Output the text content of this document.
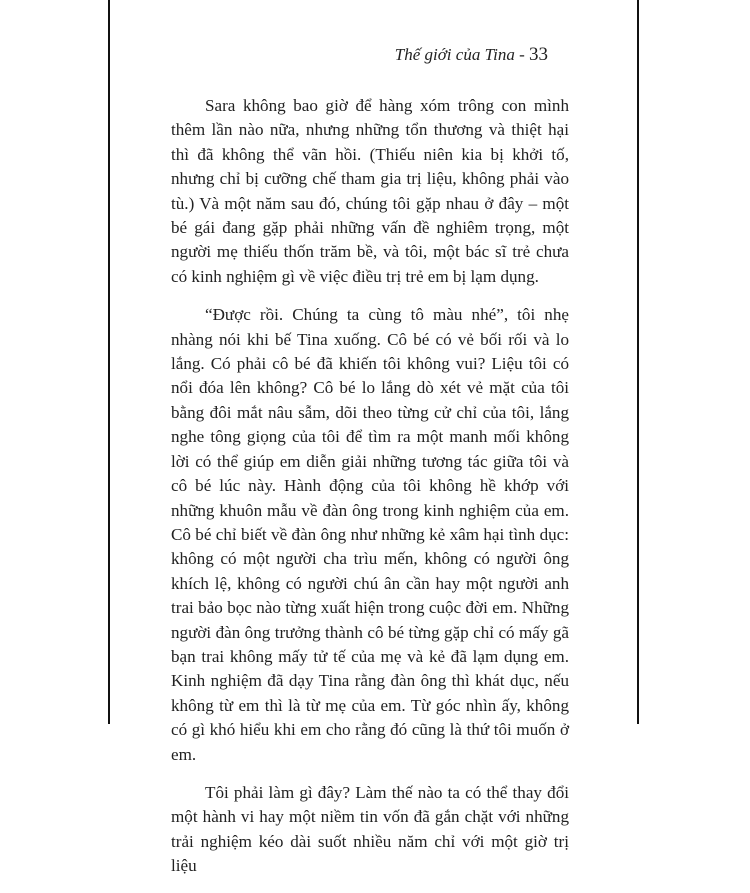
Thế giới của Tina - 33

Sara không bao giờ để hàng xóm trông con mình thêm lần nào nữa, nhưng những tổn thương và thiệt hại thì đã không thể vãn hồi. (Thiếu niên kia bị khởi tố, nhưng chỉ bị cưỡng chế tham gia trị liệu, không phải vào tù.) Và một năm sau đó, chúng tôi gặp nhau ở đây – một bé gái đang gặp phải những vấn đề nghiêm trọng, một người mẹ thiếu thốn trăm bề, và tôi, một bác sĩ trẻ chưa có kinh nghiệm gì về việc điều trị trẻ em bị lạm dụng.

“Được rồi. Chúng ta cùng tô màu nhé”, tôi nhẹ nhàng nói khi bế Tina xuống. Cô bé có vẻ bối rối và lo lắng. Có phải cô bé đã khiến tôi không vui? Liệu tôi có nổi đóa lên không? Cô bé lo lắng dò xét vẻ mặt của tôi bằng đôi mắt nâu sẫm, dõi theo từng cử chỉ của tôi, lắng nghe tông giọng của tôi để tìm ra một manh mối không lời có thể giúp em diễn giải những tương tác giữa tôi và cô bé lúc này. Hành động của tôi không hề khớp với những khuôn mẫu về đàn ông trong kinh nghiệm của em. Cô bé chỉ biết về đàn ông như những kẻ xâm hại tình dục: không có một người cha trìu mến, không có người ông khích lệ, không có người chú ân cần hay một người anh trai bảo bọc nào từng xuất hiện trong cuộc đời em. Những người đàn ông trưởng thành cô bé từng gặp chỉ có mấy gã bạn trai không mấy tử tế của mẹ và kẻ đã lạm dụng em. Kinh nghiệm đã dạy Tina rằng đàn ông thì khát dục, nếu không từ em thì là từ mẹ của em. Từ góc nhìn ấy, không có gì khó hiểu khi em cho rằng đó cũng là thứ tôi muốn ở em.

Tôi phải làm gì đây? Làm thế nào ta có thể thay đổi một hành vi hay một niềm tin vốn đã gắn chặt với những trải nghiệm kéo dài suốt nhiều năm chỉ với một giờ trị liệu
